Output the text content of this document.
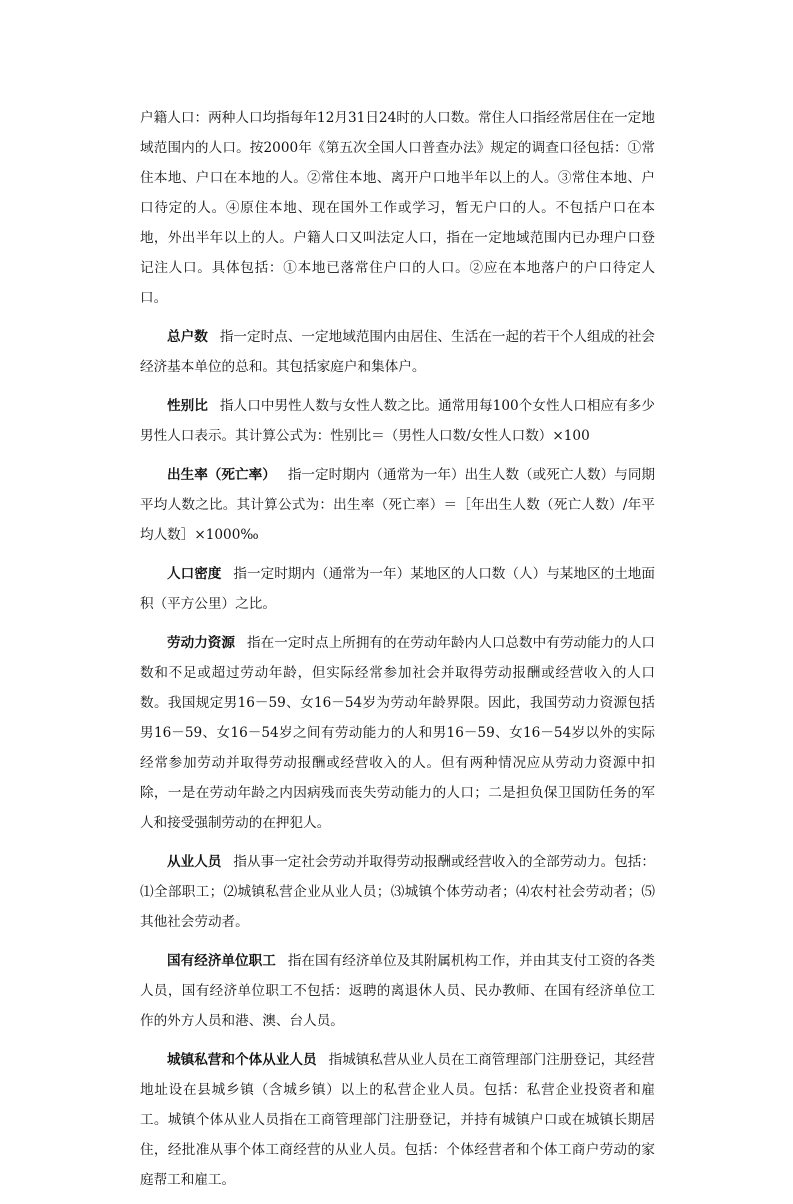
户籍人口：两种人口均指每年12月31日24时的人口数。常住人口指经常居住在一定地域范围内的人口。按2000年《第五次全国人口普查办法》规定的调查口径包括：①常住本地、户口在本地的人。②常住本地、离开户口地半年以上的人。③常住本地、户口待定的人。④原住本地、现在国外工作或学习，暂无户口的人。不包括户口在本地，外出半年以上的人。户籍人口又叫法定人口，指在一定地域范围内已办理户口登记注人口。具体包括：①本地已落常住户口的人口。②应在本地落户的户口待定人口。

总户数 指一定时点、一定地域范围内由居住、生活在一起的若干个人组成的社会经济基本单位的总和。其包括家庭户和集体户。

性别比 指人口中男性人数与女性人数之比。通常用每100个女性人口相应有多少男性人口表示。其计算公式为：性别比＝（男性人口数/女性人口数）×100

出生率（死亡率） 指一定时期内（通常为一年）出生人数（或死亡人数）与同期平均人数之比。其计算公式为：出生率（死亡率）＝［年出生人数（死亡人数）/年平均人数］×1000‰

人口密度 指一定时期内（通常为一年）某地区的人口数（人）与某地区的土地面积（平方公里）之比。

劳动力资源 指在一定时点上所拥有的在劳动年龄内人口总数中有劳动能力的人口数和不足或超过劳动年龄，但实际经常参加社会并取得劳动报酬或经营收入的人口数。我国规定男16－59、女16－54岁为劳动年龄界限。因此，我国劳动力资源包括男16－59、女16－54岁之间有劳动能力的人和男16－59、女16－54岁以外的实际经常参加劳动并取得劳动报酬或经营收入的人。但有两种情况应从劳动力资源中扣除，一是在劳动年龄之内因病残而丧失劳动能力的人口；二是担负保卫国防任务的军人和接受强制劳动的在押犯人。

从业人员 指从事一定社会劳动并取得劳动报酬或经营收入的全部劳动力。包括：⑴全部职工；⑵城镇私营企业从业人员；⑶城镇个体劳动者；⑷农村社会劳动者；⑸其他社会劳动者。

国有经济单位职工 指在国有经济单位及其附属机构工作，并由其支付工资的各类人员，国有经济单位职工不包括：返聘的离退休人员、民办教师、在国有经济单位工作的外方人员和港、澳、台人员。

城镇私营和个体从业人员 指城镇私营从业人员在工商管理部门注册登记，其经营地址设在县城乡镇（含城乡镇）以上的私营企业人员。包括：私营企业投资者和雇工。城镇个体从业人员指在工商管理部门注册登记，并持有城镇户口或在城镇长期居住，经批准从事个体工商经营的从业人员。包括：个体经营者和个体工商户劳动的家庭帮工和雇工。
